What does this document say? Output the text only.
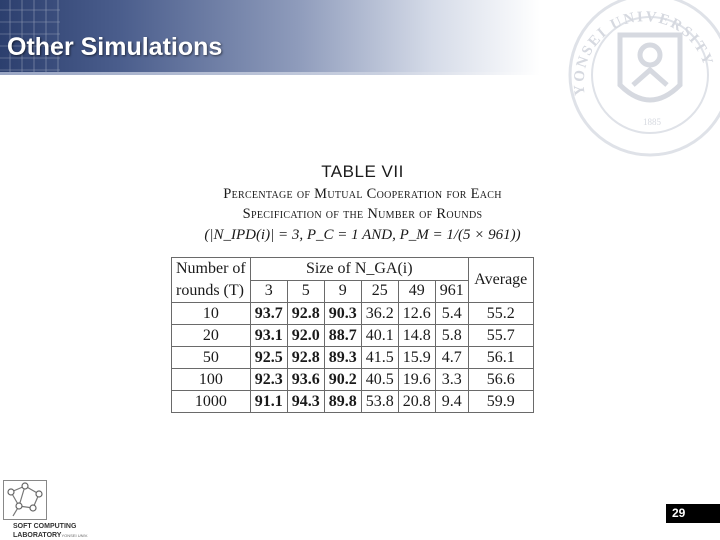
Other Simulations
YONSEI UNIVERSITY
1885
TABLE VII
Percentage of Mutual Cooperation for Each
Specification of the Number of Rounds
(|N_IPD(i)| = 3, P_C = 1 AND, P_M = 1/(5 × 961))
Number of
rounds (T)	Size of N_GA(i)						Average
	3	5	9	25	49	961	
10	93.7	92.8	90.3	36.2	12.6	5.4	55.2
20	93.1	92.0	88.7	40.1	14.8	5.8	55.7
50	92.5	92.8	89.3	41.5	15.9	4.7	56.1
100	92.3	93.6	90.2	40.5	19.6	3.3	56.6
1000	91.1	94.3	89.8	53.8	20.8	9.4	59.9
SOFT COMPUTING
LABORATORYYONSEI UNIV.
29
